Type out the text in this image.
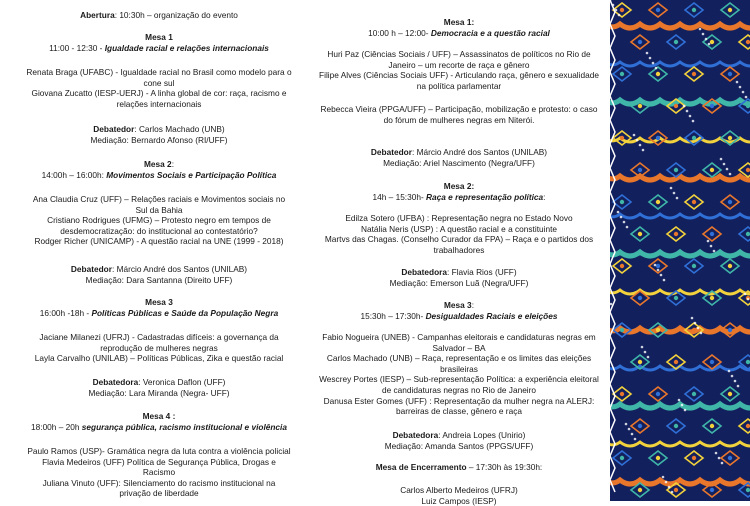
Abertura: 10:30h – organização do evento
Mesa 1
11:00 - 12:30 - Igualdade racial e relações internacionais
Renata Braga (UFABC) - Igualdade racial no Brasil como modelo para o
cone sul
Giovana Zucatto (IESP-UERJ) - A linha global de cor: raça, racismo e
relações internacionais
Debatedor: Carlos Machado (UNB)
Mediação: Bernardo Afonso (RI/UFF)
Mesa 2:
14:00h – 16:00h: Movimentos Sociais e Participação Política
Ana Claudia Cruz (UFF) – Relações raciais e Movimentos sociais no
Sul da Bahia
Cristiano Rodrigues (UFMG) – Protesto negro em tempos de
desdemocratização: do institucional ao contestatório?
Rodger Richer (UNICAMP) - A questão racial na UNE (1999 - 2018)
Debatedor: Márcio André dos Santos (UNILAB)
Mediação: Dara Santanna (Direito UFF)
Mesa 3
16:00h -18h - Políticas Públicas e Saúde da População Negra
Jaciane Milanezi (UFRJ) - Cadastradas difíceis: a governança da
reprodução de mulheres negras
Layla Carvalho (UNILAB) – Políticas Públicas, Zika e questão racial
Debatedora: Veronica Daflon (UFF)
Mediação: Lara Miranda (Negra- UFF)
Mesa 4 :
18:00h – 20h segurança pública, racismo institucional e violência
Paulo Ramos (USP)- Gramática negra da luta contra a violência policial
Flavia Medeiros (UFF) Política de Segurança Pública, Drogas e
Racismo
Juliana Vinuto (UFF): Silenciamento do racismo institucional na
privação de liberdade
Mesa 1:
10:00 h – 12:00- Democracia e a questão racial
Huri Paz (Ciências Sociais / UFF) – Assassinatos de políticos no Rio de
Janeiro – um recorte de raça e gênero
Filipe Alves (Ciências Sociais UFF) - Articulando raça, gênero e sexualidade
na política parlamentar
Rebecca Vieira (PPGA/UFF) – Participação, mobilização e protesto: o caso
do fórum de mulheres negras em Niterói.
Debatedor: Márcio André dos Santos (UNILAB)
Mediação: Ariel Nascimento (Negra/UFF)
Mesa 2:
14h – 15:30h- Raça e representação política:
Edilza Sotero (UFBA) : Representação negra no Estado Novo
Natália Neris (USP) : A questão racial e a constituinte
Martvs das Chagas. (Conselho Curador da FPA) – Raça e o partidos dos
trabalhadores
Debatedora: Flavia Rios (UFF)
Mediação: Emerson Luã (Negra/UFF)
Mesa 3:
15:30h – 17:30h- Desigualdades Raciais e eleições
Fabio Nogueira (UNEB) - Campanhas eleitorais e candidaturas negras em
Salvador – BA
Carlos Machado (UNB) – Raça, representação e os limites das eleições
brasileiras
Wescrey Portes (IESP) – Sub-representação Política: a experiência eleitoral
de candidaturas negras no Rio de Janeiro
Danusa Ester Gomes (UFF) : Representação da mulher negra na ALERJ:
barreiras de classe, gênero e raça
Debatedora: Andreia Lopes (Unirio)
Mediação: Amanda Santos (PPGS/UFF)
Mesa de Encerramento – 17:30h às 19:30h:
Carlos Alberto Medeiros (UFRJ)
Luiz Campos (IESP)
